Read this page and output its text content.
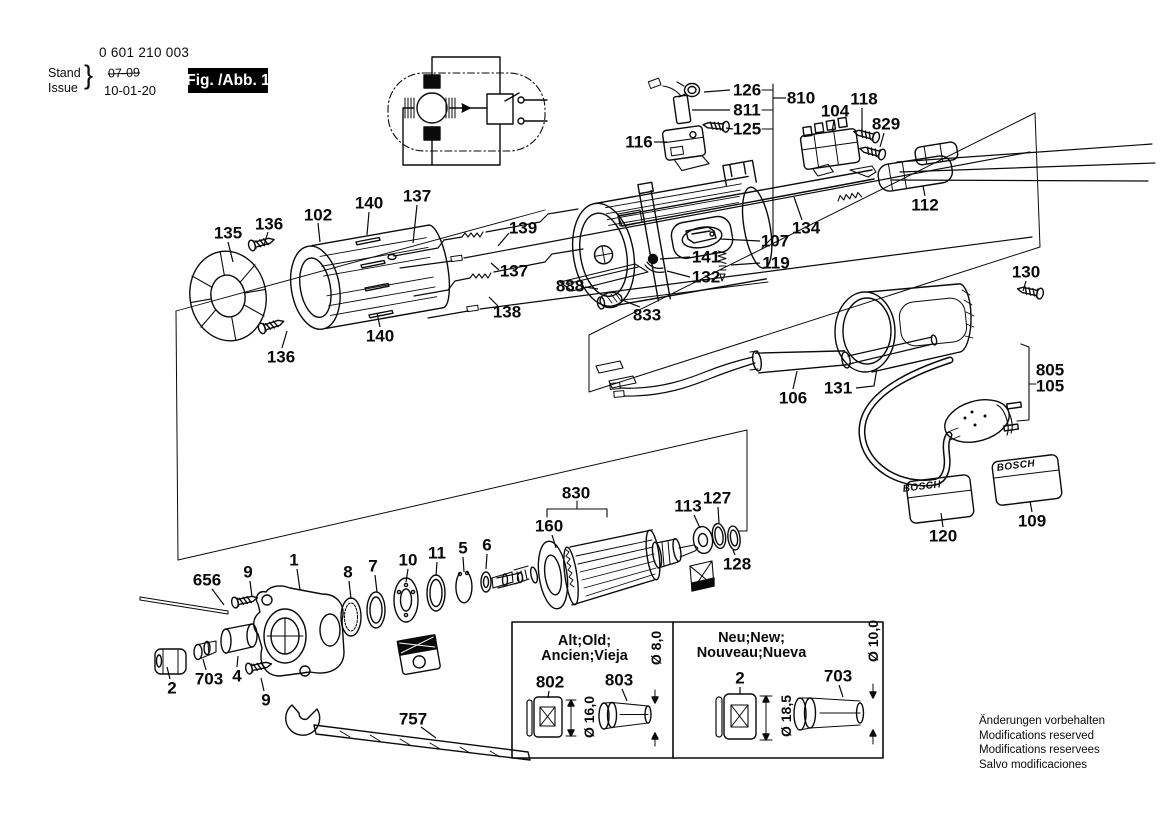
126
811
125
810
104
118
829
116
112
134
107
119
141
132
888
833
135 136 102
140 137
139
137
138
140
136
130
131
106
805
105
120
109
830
160
113 127
128
656 9
1
8 7 10 11 5 6
2 703 4
9
757
802 803	2	703
Ø 16,0
Ø 8,0
Ø 18,5
Ø 10,0
BOSCH
BOSCH
0 601 210 003
Stand
Issue } 07-09
10-01-20
Fig. /Abb. 1
Alt;Old;
Ancien;Vieja
Neu;New;
Nouveau;Nueva
Änderungen vorbehalten
Modifications reserved
Modifications reservees
Salvo modificaciones
